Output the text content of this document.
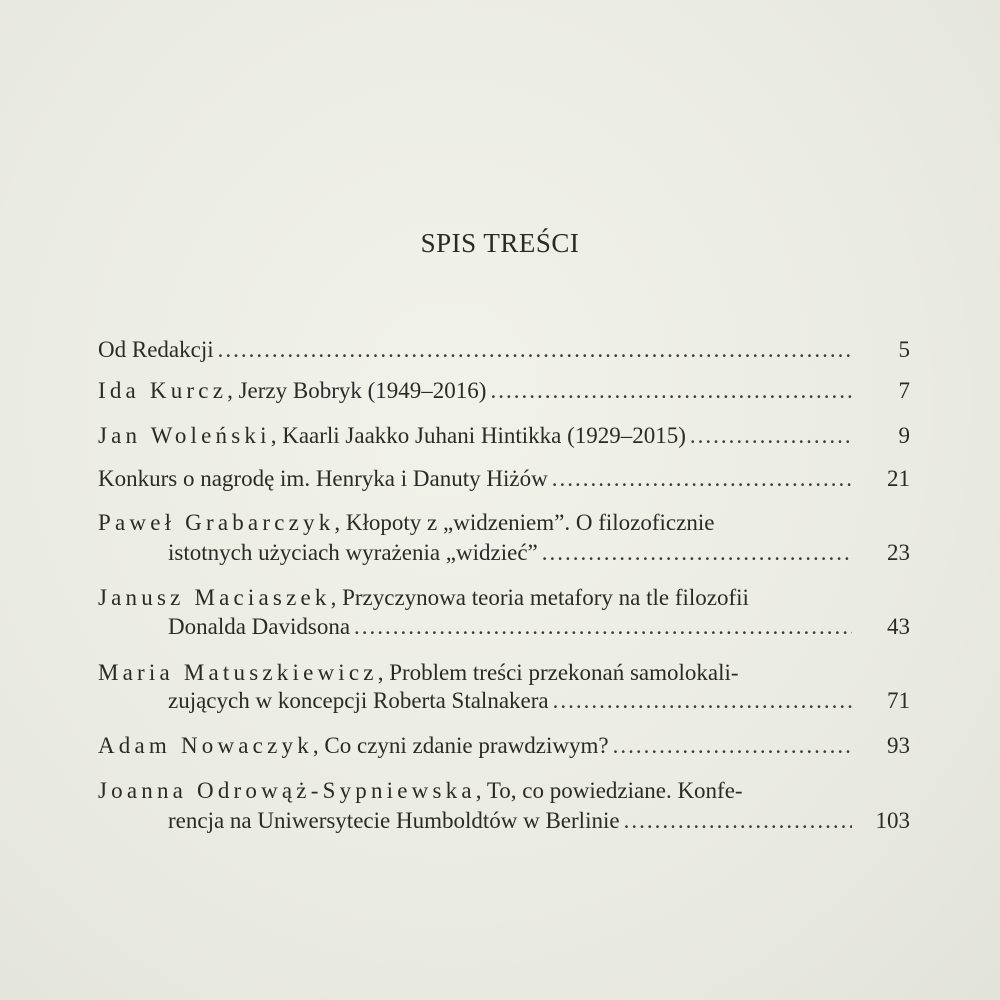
SPIS TREŚCI
Od Redakcji .....	5
Ida Kurcz , Jerzy Bobryk (1949–2016) .....	7
Jan Woleński , Kaarli Jaakko Juhani Hintikka (1929–2015) .....	9
Konkurs o nagrodę im. Henryka i Danuty Hiżów .....	21
Paweł Grabarczyk , Kłopoty z „widzeniem”. O filozoficznie
istotnych użyciach wyrażenia „widzieć” .....	23
Janusz Maciaszek , Przyczynowa teoria metafory na tle filozofii
Donalda Davidsona .....	43
Maria Matuszkiewicz , Problem treści przekonań samolokali-
zujących w koncepcji Roberta Stalnakera .....	71
Adam Nowaczyk , Co czyni zdanie prawdziwym? .....	93
Joanna Odrowąż-Sypniewska , To, co powiedziane. Konfe-
rencja na Uniwersytecie Humboldtów w Berlinie .....	103
